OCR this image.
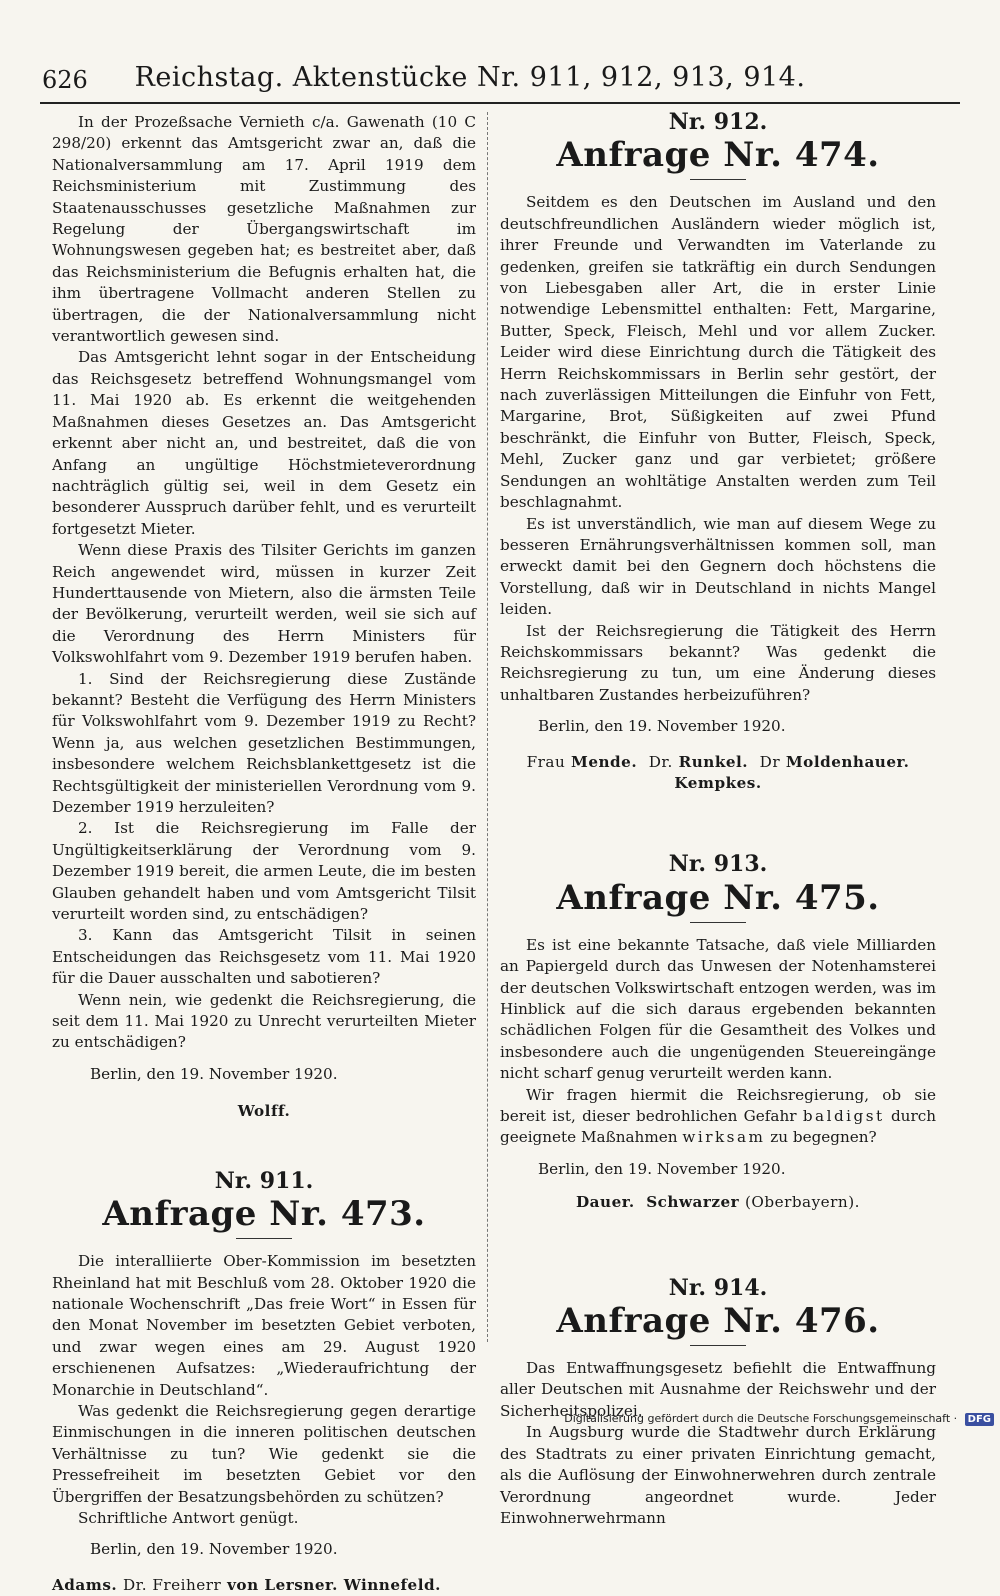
626	Reichstag. Aktenstücke Nr. 911, 912, 913, 914.

In der Prozeßsache Vernieth c/a. Gawenath (10 C 298/20) erkennt das Amtsgericht zwar an, daß die Nationalversammlung am 17. April 1919 dem Reichsministerium mit Zustimmung des Staatenausschusses gesetzliche Maßnahmen zur Regelung der Übergangswirtschaft im Wohnungswesen gegeben hat; es bestreitet aber, daß das Reichsministerium die Befugnis erhalten hat, die ihm übertragene Vollmacht anderen Stellen zu übertragen, die der Nationalversammlung nicht verantwortlich gewesen sind.

Das Amtsgericht lehnt sogar in der Entscheidung das Reichsgesetz betreffend Wohnungsmangel vom 11. Mai 1920 ab. Es erkennt die weitgehenden Maßnahmen dieses Gesetzes an. Das Amtsgericht erkennt aber nicht an, und bestreitet, daß die von Anfang an ungültige Höchstmieteverordnung nachträglich gültig sei, weil in dem Gesetz ein besonderer Ausspruch darüber fehlt, und es verurteilt fortgesetzt Mieter.

Wenn diese Praxis des Tilsiter Gerichts im ganzen Reich angewendet wird, müssen in kurzer Zeit Hunderttausende von Mietern, also die ärmsten Teile der Bevölkerung, verurteilt werden, weil sie sich auf die Verordnung des Herrn Ministers für Volkswohlfahrt vom 9. Dezember 1919 berufen haben.

1. Sind der Reichsregierung diese Zustände bekannt? Besteht die Verfügung des Herrn Ministers für Volkswohlfahrt vom 9. Dezember 1919 zu Recht? Wenn ja, aus welchen gesetzlichen Bestimmungen, insbesondere welchem Reichsblankettgesetz ist die Rechtsgültigkeit der ministeriellen Verordnung vom 9. Dezember 1919 herzuleiten?

2. Ist die Reichsregierung im Falle der Ungültigkeitserklärung der Verordnung vom 9. Dezember 1919 bereit, die armen Leute, die im besten Glauben gehandelt haben und vom Amtsgericht Tilsit verurteilt worden sind, zu entschädigen?

3. Kann das Amtsgericht Tilsit in seinen Entscheidungen das Reichsgesetz vom 11. Mai 1920 für die Dauer ausschalten und sabotieren?

Wenn nein, wie gedenkt die Reichsregierung, die seit dem 11. Mai 1920 zu Unrecht verurteilten Mieter zu entschädigen?

Berlin, den 19. November 1920.

Wolff.
Nr. 911.
Anfrage Nr. 473.

Die interalliierte Ober-Kommission im besetzten Rheinland hat mit Beschluß vom 28. Oktober 1920 die nationale Wochenschrift „Das freie Wort“ in Essen für den Monat November im besetzten Gebiet verboten, und zwar wegen eines am 29. August 1920 erschienenen Aufsatzes: „Wiederaufrichtung der Monarchie in Deutschland“.

Was gedenkt die Reichsregierung gegen derartige Einmischungen in die inneren politischen deutschen Verhältnisse zu tun? Wie gedenkt sie die Pressefreiheit im besetzten Gebiet vor den Übergriffen der Besatzungsbehörden zu schützen?

Schriftliche Antwort genügt.

Berlin, den 19. November 1920.

Adams. Dr. Freiherr von Lersner. Winnefeld.
Nr. 912.
Anfrage Nr. 474.

Seitdem es den Deutschen im Ausland und den deutschfreundlichen Ausländern wieder möglich ist, ihrer Freunde und Verwandten im Vaterlande zu gedenken, greifen sie tatkräftig ein durch Sendungen von Liebesgaben aller Art, die in erster Linie notwendige Lebensmittel enthalten: Fett, Margarine, Butter, Speck, Fleisch, Mehl und vor allem Zucker. Leider wird diese Einrichtung durch die Tätigkeit des Herrn Reichskommissars in Berlin sehr gestört, der nach zuverlässigen Mitteilungen die Einfuhr von Fett, Margarine, Brot, Süßigkeiten auf zwei Pfund beschränkt, die Einfuhr von Butter, Fleisch, Speck, Mehl, Zucker ganz und gar verbietet; größere Sendungen an wohltätige Anstalten werden zum Teil beschlagnahmt.

Es ist unverständlich, wie man auf diesem Wege zu besseren Ernährungsverhältnissen kommen soll, man erweckt damit bei den Gegnern doch höchstens die Vorstellung, daß wir in Deutschland in nichts Mangel leiden.

Ist der Reichsregierung die Tätigkeit des Herrn Reichskommissars bekannt? Was gedenkt die Reichsregierung zu tun, um eine Änderung dieses unhaltbaren Zustandes herbeizuführen?

Berlin, den 19. November 1920.

Frau Mende. Dr. Runkel. Dr Moldenhauer.
Kempkes.
Nr. 913.
Anfrage Nr. 475.

Es ist eine bekannte Tatsache, daß viele Milliarden an Papiergeld durch das Unwesen der Notenhamsterei der deutschen Volkswirtschaft entzogen werden, was im Hinblick auf die sich daraus ergebenden bekannten schädlichen Folgen für die Gesamtheit des Volkes und insbesondere auch die ungenügenden Steuereingänge nicht scharf genug verurteilt werden kann.

Wir fragen hiermit die Reichsregierung, ob sie bereit ist, dieser bedrohlichen Gefahr baldigst durch geeignete Maßnahmen wirksam zu begegnen?

Berlin, den 19. November 1920.

Dauer. Schwarzer (Oberbayern).
Nr. 914.
Anfrage Nr. 476.

Das Entwaffnungsgesetz befiehlt die Entwaffnung aller Deutschen mit Ausnahme der Reichswehr und der Sicherheitspolizei.

In Augsburg wurde die Stadtwehr durch Erklärung des Stadtrats zu einer privaten Einrichtung gemacht, als die Auflösung der Einwohnerwehren durch zentrale Verordnung angeordnet wurde. Jeder Einwohnerwehrmann

Digitalisierung gefördert durch die Deutsche Forschungsgemeinschaft · DFG
